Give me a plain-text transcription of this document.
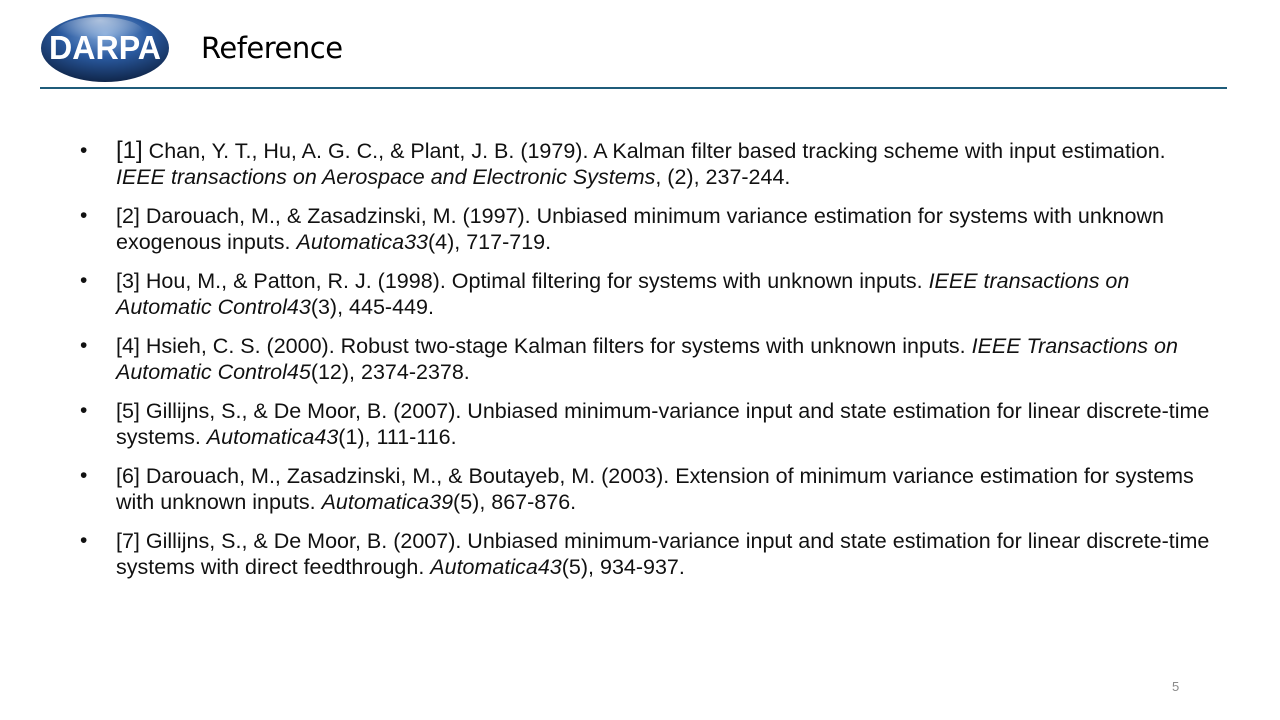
DARPA Reference
• [1] Chan, Y. T., Hu, A. G. C., & Plant, J. B. (1979). A Kalman filter based tracking scheme with input estimation. IEEE transactions on Aerospace and Electronic Systems, (2), 237-244.
• [2] Darouach, M., & Zasadzinski, M. (1997). Unbiased minimum variance estimation for systems with unknown exogenous inputs. Automatica33(4), 717-719.
• [3] Hou, M., & Patton, R. J. (1998). Optimal filtering for systems with unknown inputs. IEEE transactions on Automatic Control43(3), 445-449.
• [4] Hsieh, C. S. (2000). Robust two-stage Kalman filters for systems with unknown inputs. IEEE Transactions on Automatic Control45(12), 2374-2378.
• [5] Gillijns, S., & De Moor, B. (2007). Unbiased minimum-variance input and state estimation for linear discrete-time systems. Automatica43(1), 111-116.
• [6] Darouach, M., Zasadzinski, M., & Boutayeb, M. (2003). Extension of minimum variance estimation for systems with unknown inputs. Automatica39(5), 867-876.
• [7] Gillijns, S., & De Moor, B. (2007). Unbiased minimum-variance input and state estimation for linear discrete-time systems with direct feedthrough. Automatica43(5), 934-937.
5
